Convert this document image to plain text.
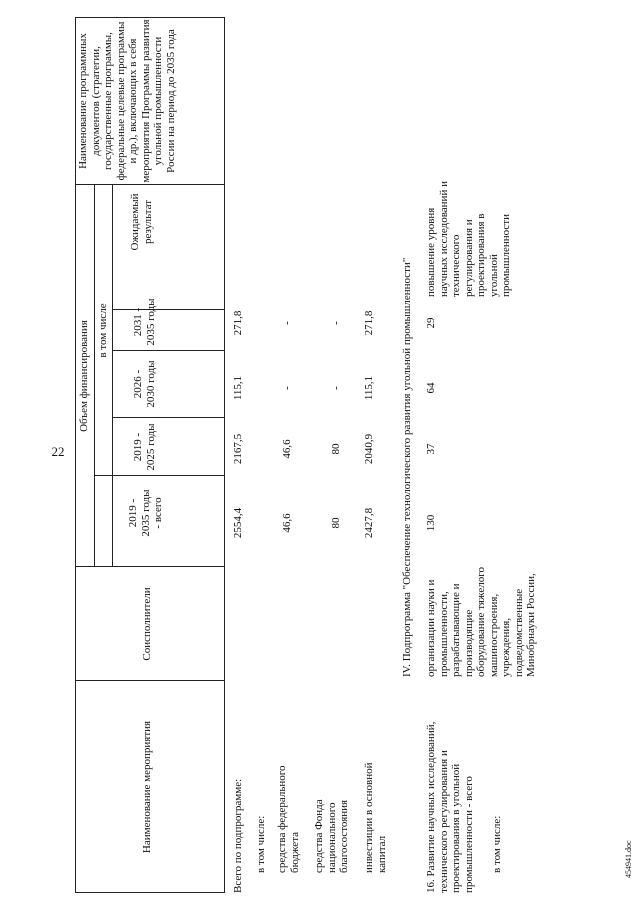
22
454941.doc
Наименование мероприятия
Соисполнители
Объем финансирования в том числе
2019 - 2035 годы - всего
2019 - 2025 годы
2026 - 2030 годы
2031 - 2035 годы
Ожидаемый результат
Наименование программных документов (стратегии, государственные программы, федеральные целевые программы и др.), включающих в себя мероприятия Программы развития угольной промышленности России на период до 2035 года
Всего по подпрограмме:
2554,4
2167,5
115,1
271,8
в том числе: средства федерального бюджета
46,6
46,6
-
-
средства Фонда национального благосостояния
80
80
-
-
инвестиции в основной капитал
2427,8
2040,9
115,1
271,8 IV. Подпрограмма "Обеспечение технологического развития угольной промышленности"
16. Развитие научных исследований, технического регулирования и проектирования в угольной промышленности - всего в том числе:
организации науки и промышленности, разрабатывающие и производящие оборудование тяжелого машиностроения, учреждения, подведомственные Минобрнауки России,
130
37
64
29
повышение уровня научных исследований и технического регулирования и проектирования в угольной промышленности
